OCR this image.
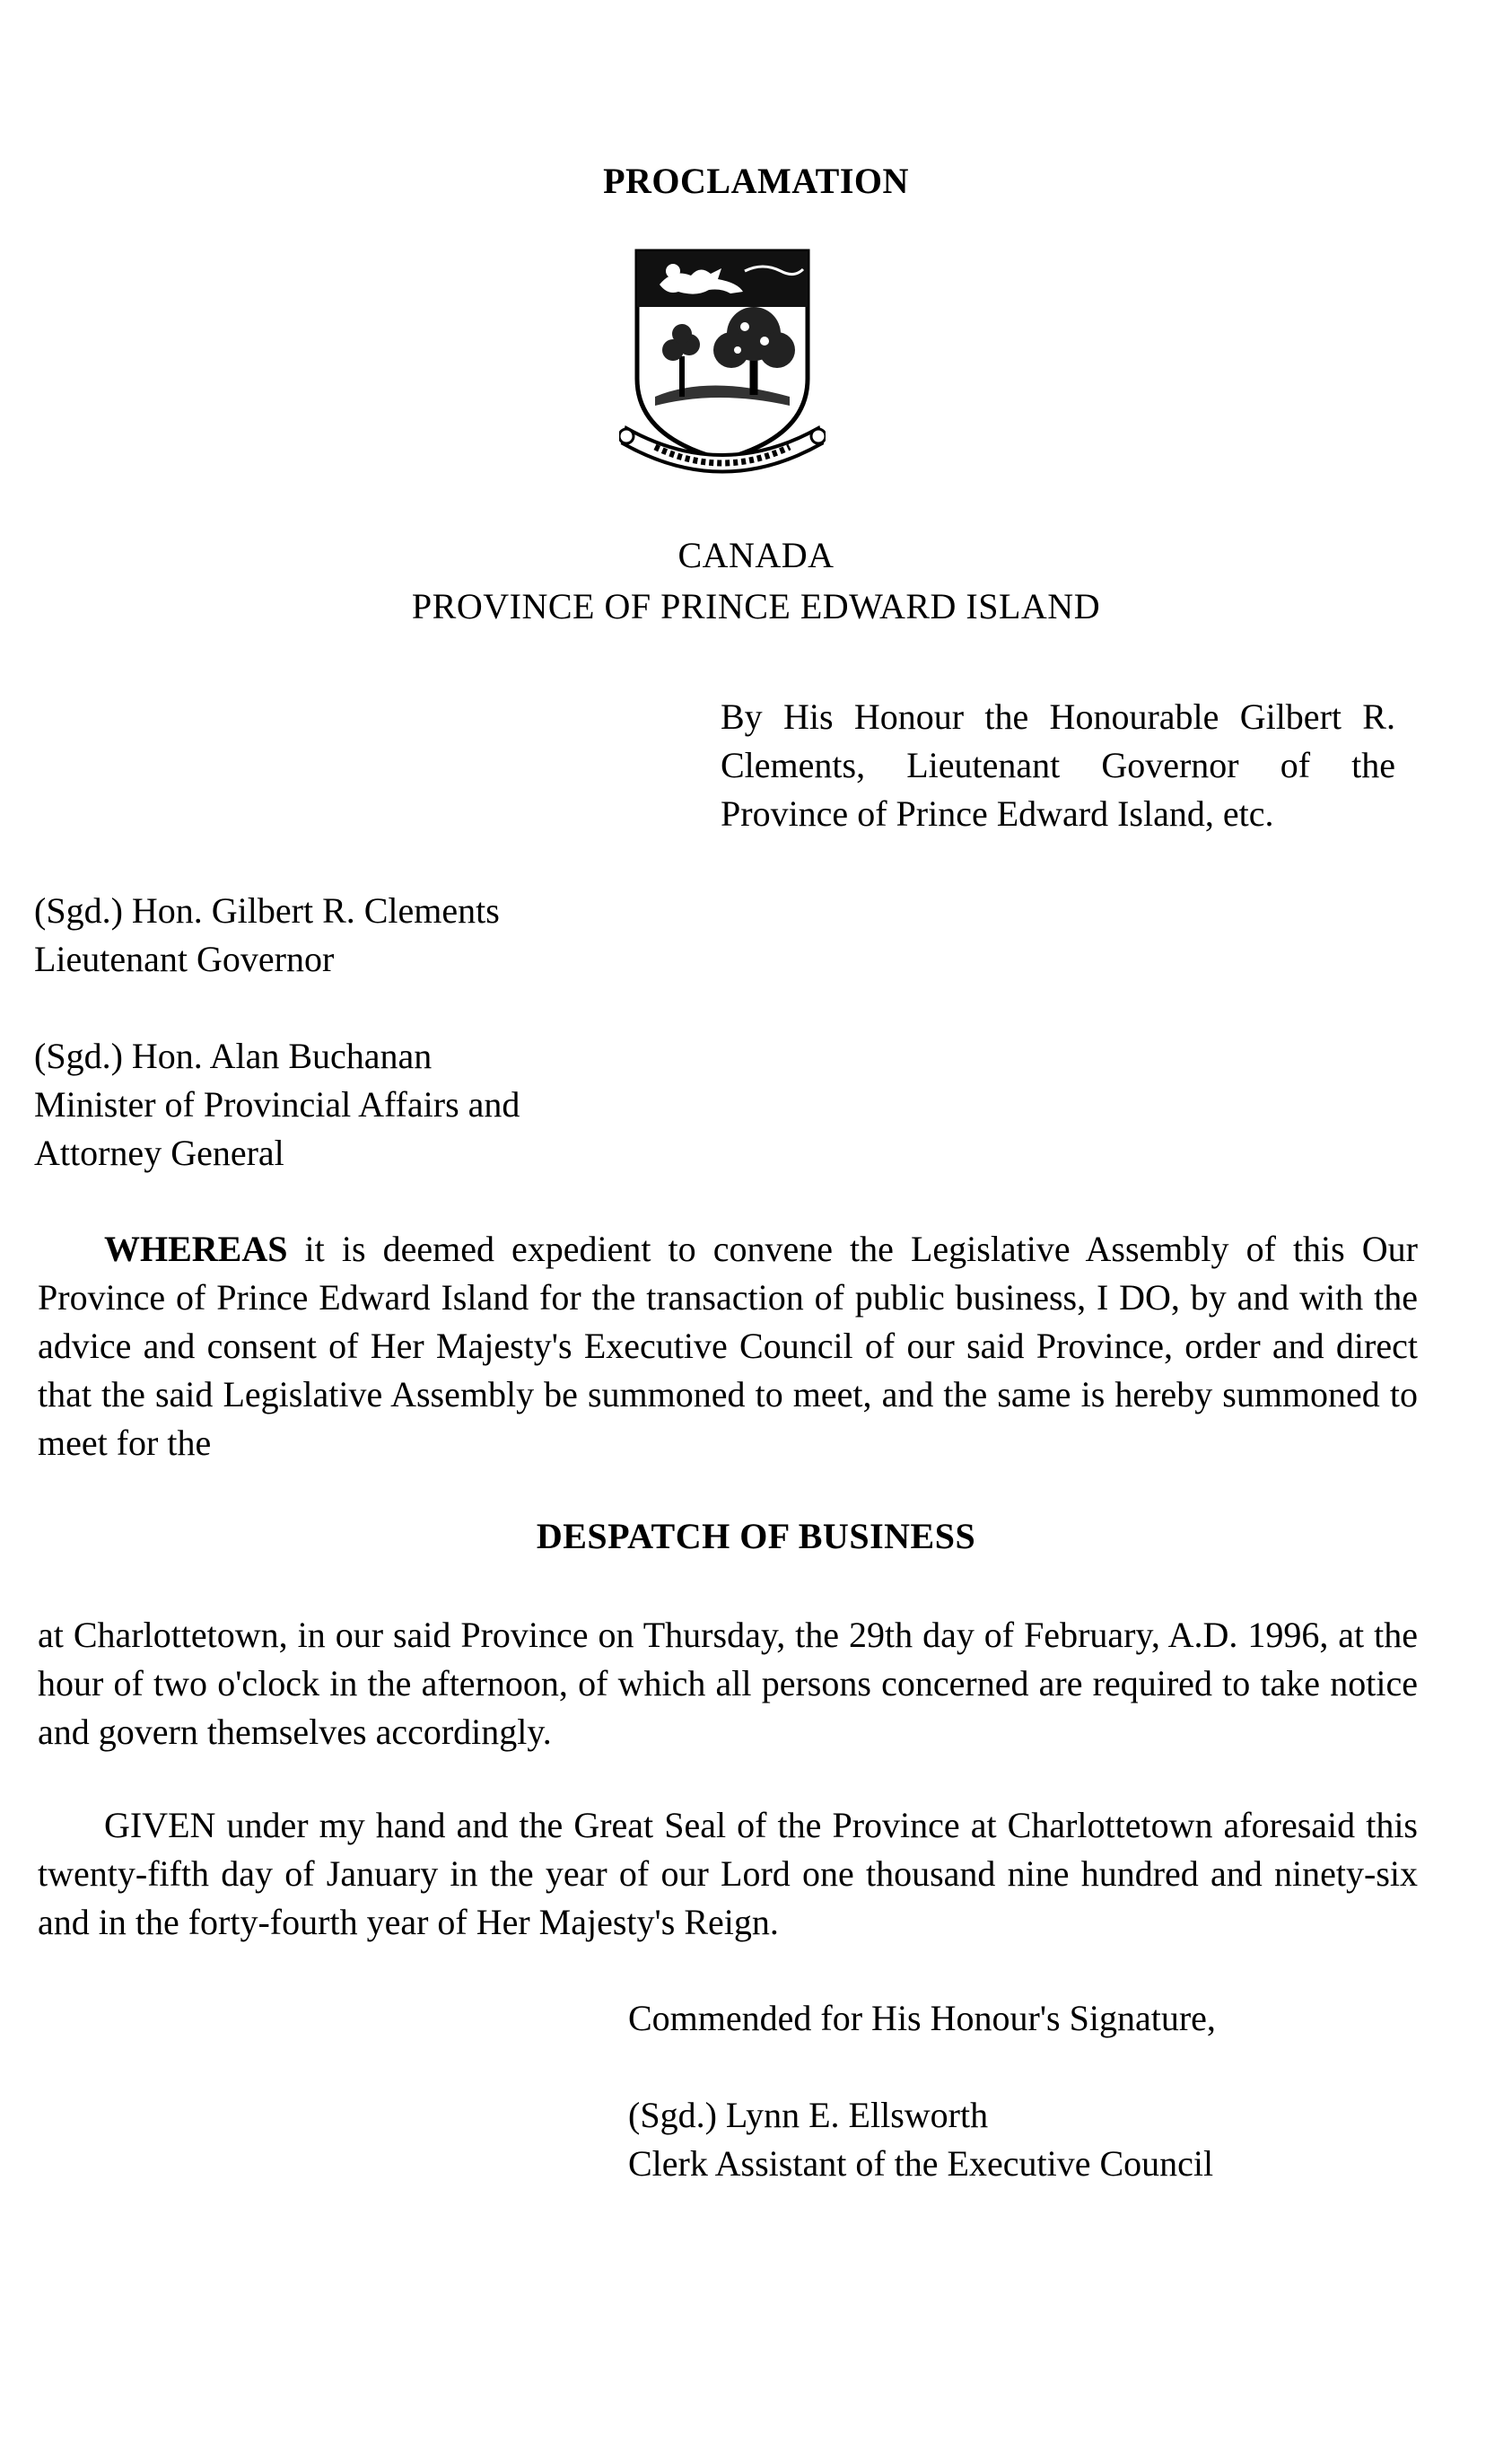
PROCLAMATION
CANADA
PROVINCE OF PRINCE EDWARD ISLAND
By His Honour the Honourable Gilbert R. Clements, Lieutenant Governor of the Province of Prince Edward Island, etc.
(Sgd.) Hon. Gilbert R. Clements
Lieutenant Governor
(Sgd.) Hon. Alan Buchanan
Minister of Provincial Affairs and
Attorney General
WHEREAS it is deemed expedient to convene the Legislative Assembly of this Our Province of Prince Edward Island for the transaction of public business, I DO, by and with the advice and consent of Her Majesty's Executive Council of our said Province, order and direct that the said Legislative Assembly be summoned to meet, and the same is hereby summoned to meet for the
DESPATCH OF BUSINESS
at Charlottetown, in our said Province on Thursday, the 29th day of February, A.D. 1996, at the hour of two o'clock in the afternoon, of which all persons concerned are required to take notice and govern themselves accordingly.
GIVEN under my hand and the Great Seal of the Province at Charlottetown aforesaid this twenty-fifth day of January in the year of our Lord one thousand nine hundred and ninety-six and in the forty-fourth year of Her Majesty's Reign.
Commended for His Honour's Signature,
(Sgd.) Lynn E. Ellsworth
Clerk Assistant of the Executive Council
